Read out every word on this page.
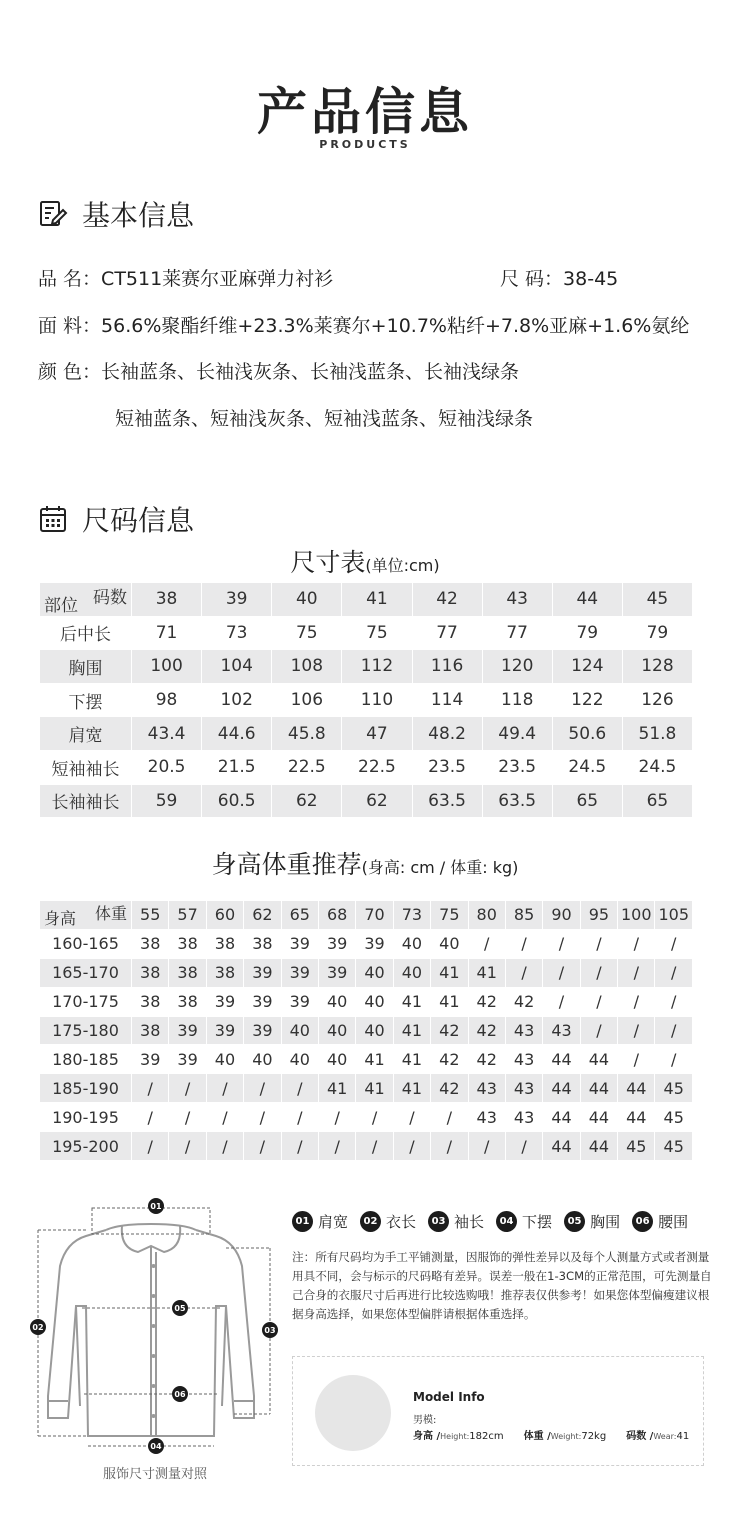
产品信息
PRODUCTS
基本信息
品 名：CT511莱赛尔亚麻弹力衬衫	尺 码：38-45
面 料：56.6%聚酯纤维+23.3%莱赛尔+10.7%粘纤+7.8%亚麻+1.6%氨纶
颜 色：长袖蓝条、长袖浅灰条、长袖浅蓝条、长袖浅绿条
短袖蓝条、短袖浅灰条、短袖浅蓝条、短袖浅绿条
尺码信息
尺寸表(单位:cm)
码数
部位	38	39	40	41	42	43	44	45
后中长	71	73	75	75	77	77	79	79
胸围	100	104	108	112	116	120	124	128
下摆	98	102	106	110	114	118	122	126
肩宽	43.4	44.6	45.8	47	48.2	49.4	50.6	51.8
短袖袖长	20.5	21.5	22.5	22.5	23.5	23.5	24.5	24.5
长袖袖长	59	60.5	62	62	63.5	63.5	65	65
身高体重推荐(身高: cm / 体重: kg)
体重
身高	55	57	60	62	65	68	70	73	75	80	85	90	95	100	105
160-165	38	38	38	38	39	39	39	40	40	/	/	/	/	/	/
165-170	38	38	38	39	39	39	40	40	41	41	/	/	/	/	/
170-175	38	38	39	39	39	40	40	41	41	42	42	/	/	/	/
175-180	38	39	39	39	40	40	40	41	42	42	43	43	/	/	/
180-185	39	39	40	40	40	40	41	41	42	42	43	44	44	/	/
185-190	/	/	/	/	/	41	41	41	42	43	43	44	44	44	45
190-195	/	/	/	/	/	/	/	/	/	43	43	44	44	44	45
195-200	/	/	/	/	/	/	/	/	/	/	/	44	44	45	45
01
02	03
04
05
06
服饰尺寸测量对照
01 肩宽	02 衣长	03 袖长	04 下摆	05 胸围	06 腰围
注：所有尺码均为手工平铺测量，因服饰的弹性差异以及每个人测量方式或者测量用具不同，会与标示的尺码略有差异。误差一般在1-3CM的正常范围，可先测量自己合身的衣服尺寸后再进行比较选购哦！推荐表仅供参考！如果您体型偏瘦建议根据身高选择，如果您体型偏胖请根据体重选择。
Model Info
男模:
身高 /Height:182cm 体重 /Weight:72kg 码数 /Wear:41
